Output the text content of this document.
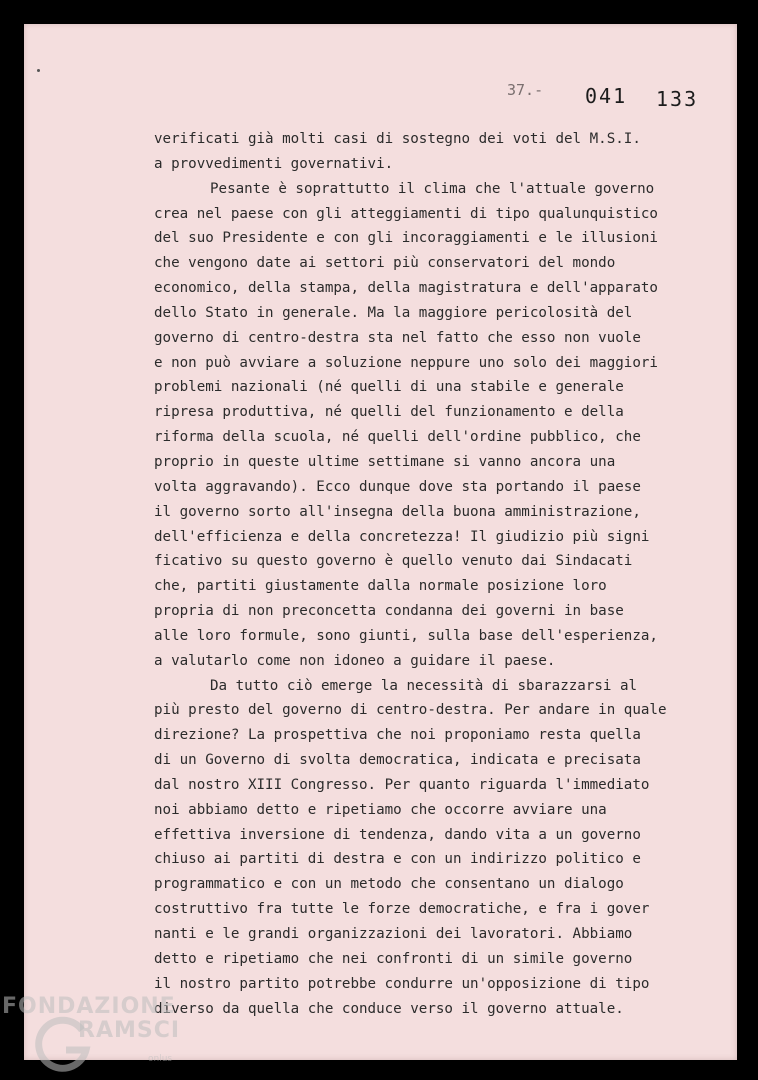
37.- 041 133
verificati già molti casi di sostegno dei voti del M.S.I.
a provvedimenti governativi.
Pesante è soprattutto il clima che l'attuale governo
crea nel paese con gli atteggiamenti di tipo qualunquistico
del suo Presidente e con gli incoraggiamenti e le illusioni
che vengono date ai settori più conservatori del mondo
economico, della stampa, della magistratura e dell'apparato
dello Stato in generale. Ma la maggiore pericolosità del
governo di centro-destra sta nel fatto che esso non vuole
e non può avviare a soluzione neppure uno solo dei maggiori
problemi nazionali (né quelli di una stabile e generale
ripresa produttiva, né quelli del funzionamento e della
riforma della scuola, né quelli dell'ordine pubblico, che
proprio in queste ultime settimane si vanno ancora una
volta aggravando). Ecco dunque dove sta portando il paese
il governo sorto all'insegna della buona amministrazione,
dell'efficienza e della concretezza! Il giudizio più signi
ficativo su questo governo è quello venuto dai Sindacati
che, partiti giustamente dalla normale posizione loro
propria di non preconcetta condanna dei governi in base
alle loro formule, sono giunti, sulla base dell'esperienza,
a valutarlo come non idoneo a guidare il paese.
Da tutto ciò emerge la necessità di sbarazzarsi al
più presto del governo di centro-destra. Per andare in quale
direzione? La prospettiva che noi proponiamo resta quella
di un Governo di svolta democratica, indicata e precisata
dal nostro XIII Congresso. Per quanto riguarda l'immediato
noi abbiamo detto e ripetiamo che occorre avviare una
effettiva inversione di tendenza, dando vita a un governo
chiuso ai partiti di destra e con un indirizzo politico e
programmatico e con un metodo che consentano un dialogo
costruttivo fra tutte le forze democratiche, e fra i gover
nanti e le grandi organizzazioni dei lavoratori. Abbiamo
detto e ripetiamo che nei confronti di un simile governo
il nostro partito potrebbe condurre un'opposizione di tipo
diverso da quella che conduce verso il governo attuale.
FONDAZIONE
RAMSCI
onlus
